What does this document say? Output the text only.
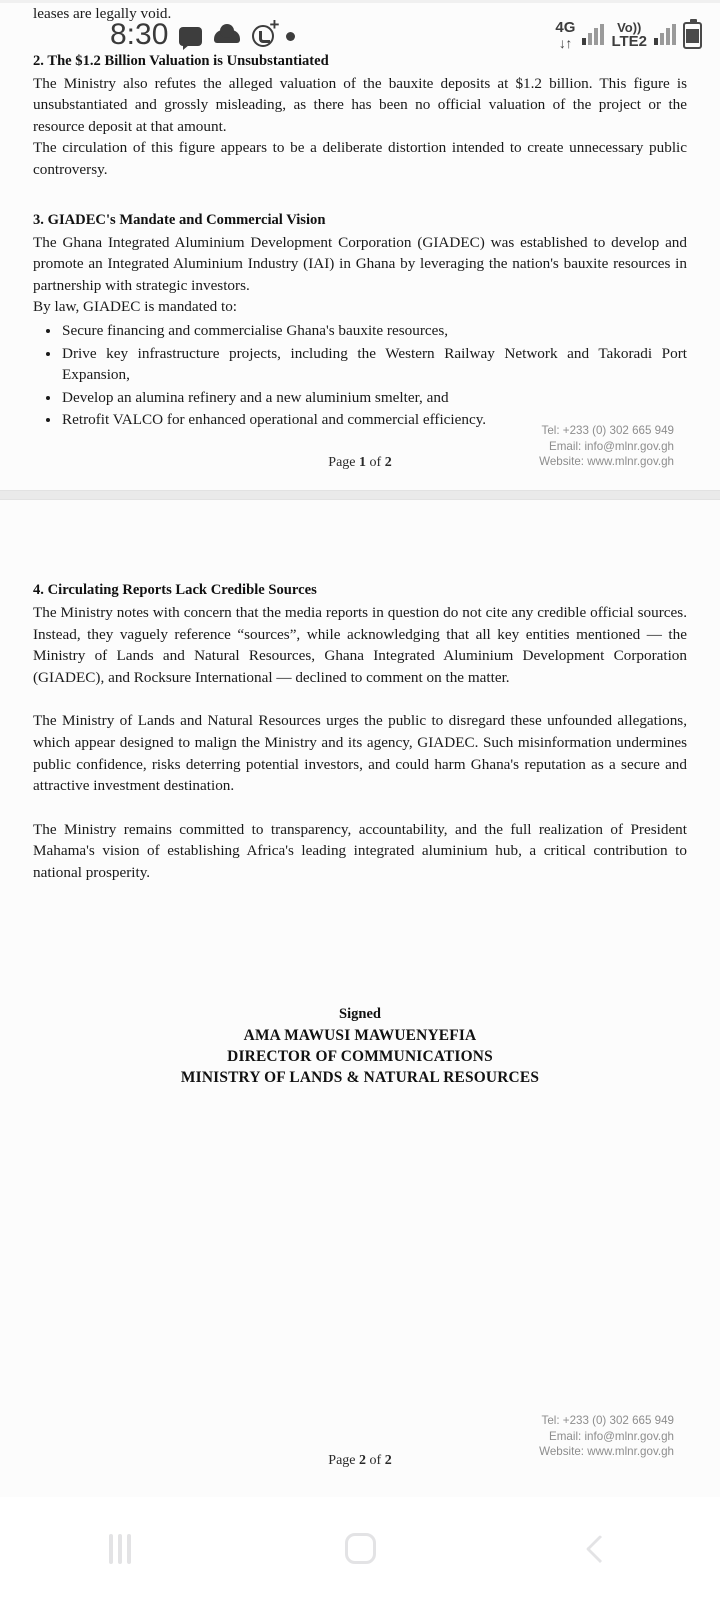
leases are legally void.

2. The $1.2 Billion Valuation is Unsubstantiated

The Ministry also refutes the alleged valuation of the bauxite deposits at $1.2 billion. This figure is unsubstantiated and grossly misleading, as there has been no official valuation of the project or the resource deposit at that amount.

The circulation of this figure appears to be a deliberate distortion intended to create unnecessary public controversy.

3. GIADEC's Mandate and Commercial Vision

The Ghana Integrated Aluminium Development Corporation (GIADEC) was established to develop and promote an Integrated Aluminium Industry (IAI) in Ghana by leveraging the nation's bauxite resources in partnership with strategic investors.

By law, GIADEC is mandated to:

Secure financing and commercialise Ghana's bauxite resources,
Drive key infrastructure projects, including the Western Railway Network and Takoradi Port Expansion,
Develop an alumina refinery and a new aluminium smelter, and
Retrofit VALCO for enhanced operational and commercial efficiency.
Tel: +233 (0) 302 665 949
Email: info@mlnr.gov.gh
Website: www.mlnr.gov.gh
Page 1 of 2
4. Circulating Reports Lack Credible Sources

The Ministry notes with concern that the media reports in question do not cite any credible official sources. Instead, they vaguely reference “sources”, while acknowledging that all key entities mentioned — the Ministry of Lands and Natural Resources, Ghana Integrated Aluminium Development Corporation (GIADEC), and Rocksure International — declined to comment on the matter.

The Ministry of Lands and Natural Resources urges the public to disregard these unfounded allegations, which appear designed to malign the Ministry and its agency, GIADEC. Such misinformation undermines public confidence, risks deterring potential investors, and could harm Ghana's reputation as a secure and attractive investment destination.

The Ministry remains committed to transparency, accountability, and the full realization of President Mahama's vision of establishing Africa's leading integrated aluminium hub, a critical contribution to national prosperity.

Signed
AMA MAWUSI MAWUENYEFIA
DIRECTOR OF COMMUNICATIONS
MINISTRY OF LANDS & NATURAL RESOURCES
Tel: +233 (0) 302 665 949
Email: info@mlnr.gov.gh
Website: www.mlnr.gov.gh
Page 2 of 2
8:30 +	4G
↓↑
Vo))
LTE2
